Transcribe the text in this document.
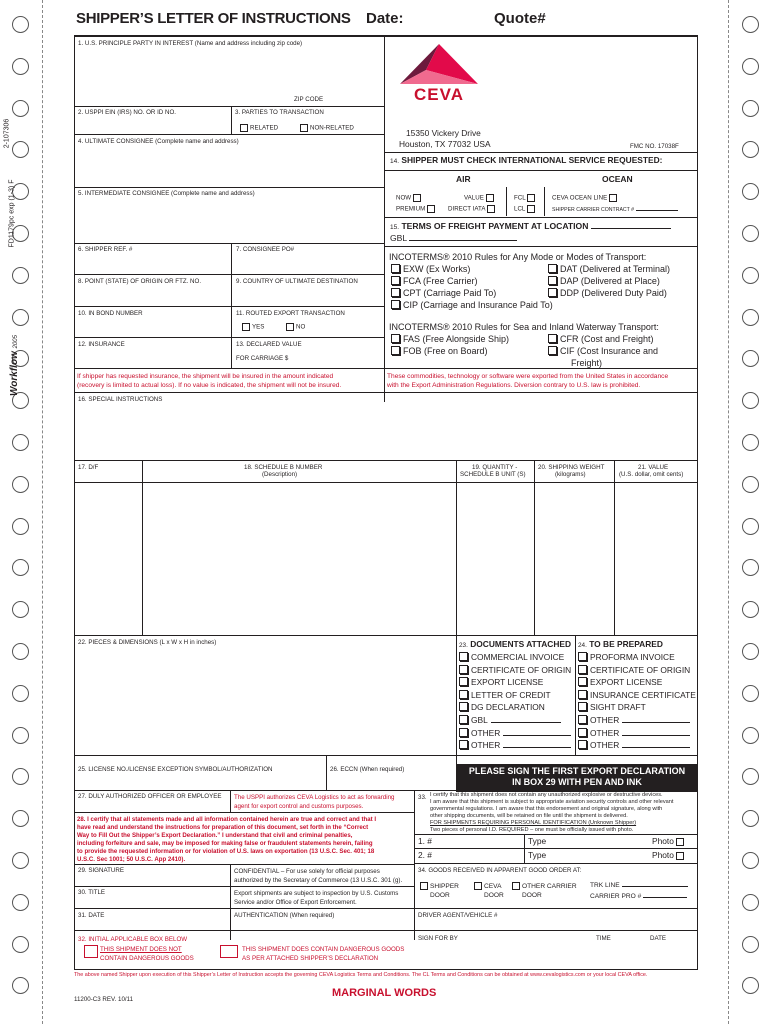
2-107306
FD1179pc exp (1-3) F
Workflow 2005
SHIPPER’S LETTER OF INSTRUCTIONS Date:	Quote#
1. U.S. PRINCIPLE PARTY IN INTEREST (Name and address including zip code)
ZIP CODE
2. USPPI EIN (IRS) NO. OR ID NO.	3. PARTIES TO TRANSACTION
RELATED	NON-RELATED
4. ULTIMATE CONSIGNEE (Complete name and address)
5. INTERMEDIATE CONSIGNEE (Complete name and address)
6. SHIPPER REF. #	7. CONSIGNEE PO#
8. POINT (STATE) OF ORIGIN OR FTZ. NO.	9. COUNTRY OF ULTIMATE DESTINATION
10. IN BOND NUMBER	11. ROUTED EXPORT TRANSACTION
YES	NO
12. INSURANCE	13. DECLARED VALUE
FOR CARRIAGE $
If shipper has requested insurance, the shipment will be insured in the amount indicated
(recovery is limited to actual loss). If no value is indicated, the shipment will not be insured.
CEVA
15350 Vickery Drive
Houston, TX 77032 USA	FMC NO. 17038F
14. SHIPPER MUST CHECK INTERNATIONAL SERVICE REQUESTED:
AIR	OCEAN
NOW
PREMIUM
VALUE
DIRECT IATA
FCL
LCL
CEVA OCEAN LINE
SHIPPER CARRIER CONTRACT #
15. TERMS OF FREIGHT PAYMENT AT LOCATION
GBL
INCOTERMS® 2010 Rules for Any Mode or Modes of Transport:
INCOTERMS® 2010 Rules for Sea and Inland Waterway Transport:
These commodities, technology or software were exported from the United States in accordance
with the Export Administration Regulations. Diversion contrary to U.S. law is prohibited.
16. SPECIAL INSTRUCTIONS
17. D/F	18. SCHEDULE B NUMBER
(Description)
19. QUANTITY -
SCHEDULE B UNIT (S)
20. SHIPPING WEIGHT
(kilograms)
21. VALUE
(U.S. dollar, omit cents)
22. PIECES & DIMENSIONS (L x W x H in inches)	23. DOCUMENTS ATTACHED 24. TO BE PREPARED
25. LICENSE NO./LICENSE EXCEPTION SYMBOL/AUTHORIZATION	26. ECCN (When required)	PLEASE SIGN THE FIRST EXPORT DECLARATION
IN BOX 29 WITH PEN AND INK
27. DULY AUTHORIZED OFFICER OR EMPLOYEE The USPPI authorizes CEVA Logistics to act as forwarding
agent for export control and customs purposes.
28. I certify that all statements made and all information contained herein are true and correct and that I
have read and understand the instructions for preparation of this document, set forth in the “Correct
Way to Fill Out the Shipper’s Export Declaration.” I understand that civil and criminal penalties,
including forfeiture and sale, may be imposed for making false or fraudulent statements herein, failing
to provide the requested information or for violation of U.S. laws on exportation (13 U.S.C. Sec. 401; 18
U.S.C. Sec 1001; 50 U.S.C. App 2410).
29. SIGNATURE	CONFIDENTIAL – For use solely for official purposes
authorized by the Secretary of Commerce (13 U.S.C. 301 (g).
30. TITLE	Export shipments are subject to inspection by U.S. Customs
Service and/or Office of Export Enforcement.
31. DATE	AUTHENTICATION (When required)
33. I certify that this shipment does not contain any unauthorized explosive or destructive devices.
I am aware that this shipment is subject to appropriate aviation security controls and other relevant
governmental regulations. I am aware that this endorsement and original signature, along with
other shipping documents, will be retained on file until the shipment is delivered.
FOR SHIPMENTS REQUIRING PERSONAL IDENTIFICATION (Unknown Shipper)
Two pieces of personal I.D. REQUIRED – one must be officially issued with photo.
1. #	Type	Photo
2. #	Type	Photo
34. GOODS RECEIVED IN APPARENT GOOD ORDER AT:
SHIPPER
DOOR
CEVA
DOOR
OTHER CARRIER
DOOR
TRK LINE
CARRIER PRO #
DRIVER AGENT/VEHICLE #
SIGN FOR BY	TIME	DATE
32. INITIAL APPLICABLE BOX BELOW
THIS SHIPMENT DOES NOT
CONTAIN DANGEROUS GOODS
THIS SHIPMENT DOES CONTAIN DANGEROUS GOODS
AS PER ATTACHED SHIPPER’S DECLARATION
The above named Shipper upon execution of this Shipper’s Letter of Instruction accepts the governing CEVA Logistics Terms and Conditions. The CL Terms and Conditions can be obtained at www.cevalogistics.com or your local CEVA office.
11200-C3 REV. 10/11
MARGINAL WORDS
EXW (Ex Works)	DAT (Delivered at Terminal)
FCA (Free Carrier)	DAP (Delivered at Place)
CPT (Carriage Paid To)	DDP (Delivered Duty Paid)
CIP (Carriage and Insurance Paid To)
FAS (Free Alongside Ship)	CFR (Cost and Freight)
FOB (Free on Board)	CIF (Cost Insurance and
Freight)
COMMERCIAL INVOICE
CERTIFICATE OF ORIGIN
EXPORT LICENSE
LETTER OF CREDIT
DG DECLARATION
GBL
OTHER
OTHER
PROFORMA INVOICE
CERTIFICATE OF ORIGIN
EXPORT LICENSE
INSURANCE CERTIFICATE
SIGHT DRAFT
OTHER
OTHER
OTHER
